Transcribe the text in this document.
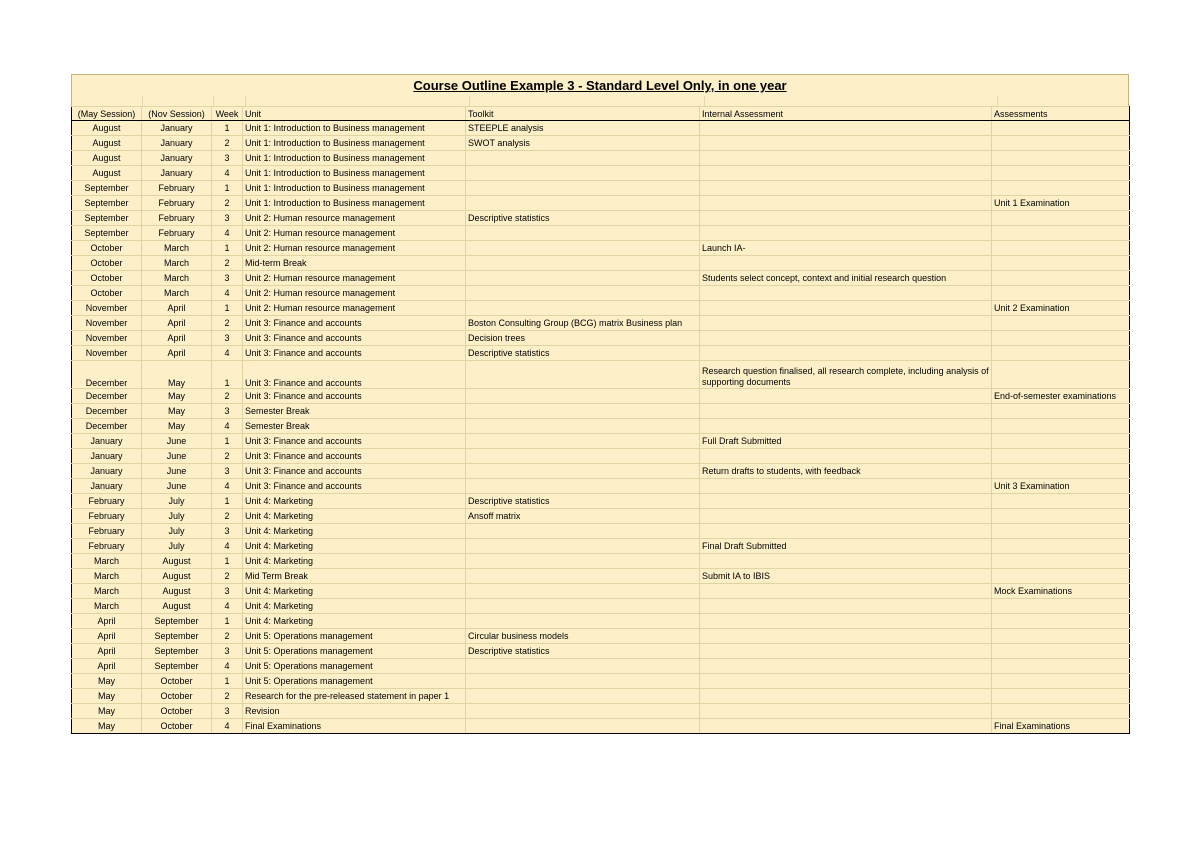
Course Outline Example 3 - Standard Level Only, in one year
(May Session)	(Nov Session)	Week	Unit	Toolkit	Internal Assessment	Assessments
August	January	1	Unit 1: Introduction to Business management	STEEPLE analysis		
August	January	2	Unit 1: Introduction to Business management	SWOT analysis		
August	January	3	Unit 1: Introduction to Business management			
August	January	4	Unit 1: Introduction to Business management			
September	February	1	Unit 1: Introduction to Business management			
September	February	2	Unit 1: Introduction to Business management			Unit 1 Examination
September	February	3	Unit 2: Human resource management	Descriptive statistics		
September	February	4	Unit 2: Human resource management			
October	March	1	Unit 2: Human resource management		Launch IA-	
October	March	2	Mid-term Break			
October	March	3	Unit 2: Human resource management		Students select concept, context and initial research question	
October	March	4	Unit 2: Human resource management			
November	April	1	Unit 2: Human resource management			Unit 2 Examination
November	April	2	Unit 3: Finance and accounts	Boston Consulting Group (BCG) matrix Business plan		
November	April	3	Unit 3: Finance and accounts	Decision trees		
November	April	4	Unit 3: Finance and accounts	Descriptive statistics		
December	May	1	Unit 3: Finance and accounts		Research question finalised, all research complete, including analysis of supporting documents	
December	May	2	Unit 3: Finance and accounts			End-of-semester examinations
December	May	3	Semester Break			
December	May	4	Semester Break			
January	June	1	Unit 3: Finance and accounts		Full Draft Submitted	
January	June	2	Unit 3: Finance and accounts			
January	June	3	Unit 3: Finance and accounts		Return drafts to students, with feedback	
January	June	4	Unit 3: Finance and accounts			Unit 3 Examination
February	July	1	Unit 4: Marketing	Descriptive statistics		
February	July	2	Unit 4: Marketing	Ansoff matrix		
February	July	3	Unit 4: Marketing			
February	July	4	Unit 4: Marketing		Final Draft Submitted	
March	August	1	Unit 4: Marketing			
March	August	2	Mid Term Break		Submit IA to IBIS	
March	August	3	Unit 4: Marketing			Mock Examinations
March	August	4	Unit 4: Marketing			
April	September	1	Unit 4: Marketing			
April	September	2	Unit 5: Operations management	Circular business models		
April	September	3	Unit 5: Operations management	Descriptive statistics		
April	September	4	Unit 5: Operations management			
May	October	1	Unit 5: Operations management			
May	October	2	Research for the pre-released statement in paper 1			
May	October	3	Revision			
May	October	4	Final Examinations			Final Examinations
